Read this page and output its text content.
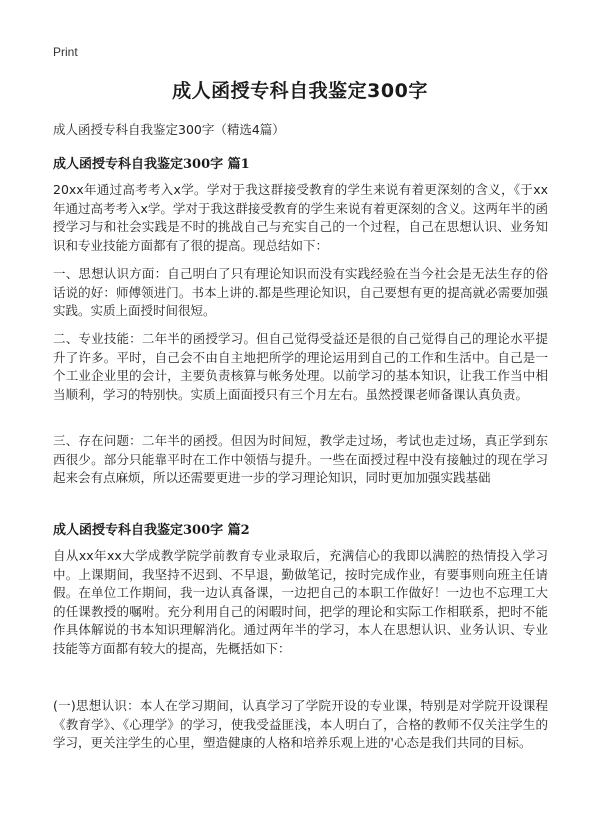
Print
成人函授专科自我鉴定300字
成人函授专科自我鉴定300字（精选4篇）
成人函授专科自我鉴定300字 篇1

20xx年通过高考考入x学。学对于我这群接受教育的学生来说有着更深刻的含义，《于xx年通过高考考入x学。学对于我这群接受教育的学生来说有着更深刻的含义。这两年半的函授学习与和社会实践是不时的挑战自己与充实自己的一个过程，自己在思想认识、业务知识和专业技能方面都有了很的提高。现总结如下：

一、思想认识方面：自己明白了只有理论知识而没有实践经验在当今社会是无法生存的俗话说的好：师傅领进门。书本上讲的.都是些理论知识，自己要想有更的提高就必需要加强实践。实质上面授时间很短。

二、专业技能：二年半的函授学习。但自己觉得受益还是很的自己觉得自己的理论水平提升了许多。平时，自己会不由自主地把所学的理论运用到自己的工作和生活中。自己是一个工业企业里的会计，主要负责核算与帐务处理。以前学习的基本知识，让我工作当中相当顺利，学习的特别快。实质上面面授只有三个月左右。虽然授课老师备课认真负责。

三、存在问题：二年半的函授。但因为时间短，教学走过场，考试也走过场，真正学到东西很少。部分只能靠平时在工作中领悟与提升。一些在面授过程中没有接触过的现在学习起来会有点麻烦，所以还需要更进一步的学习理论知识，同时更加加强实践基础

成人函授专科自我鉴定300字 篇2

自从xx年xx大学成教学院学前教育专业录取后，充满信心的我即以满腔的热情投入学习中。上课期间，我坚持不迟到、不早退，勤做笔记，按时完成作业，有要事则向班主任请假。在单位工作期间，我一边认真备课，一边把自己的本职工作做好！一边也不忘理工大的任课教授的嘱咐。充分利用自己的闲暇时间，把学的理论和实际工作相联系，把时不能作具体解说的书本知识理解消化。通过两年半的学习，本人在思想认识、业务认识、专业技能等方面都有较大的提高，先概括如下：

(一)思想认识：本人在学习期间，认真学习了学院开设的专业课，特别是对学院开设课程《教育学》、《心理学》的学习，使我受益匪浅，本人明白了，合格的教师不仅关注学生的学习，更关注学生的心里，塑造健康的人格和培养乐观上进的'心态是我们共同的目标。
